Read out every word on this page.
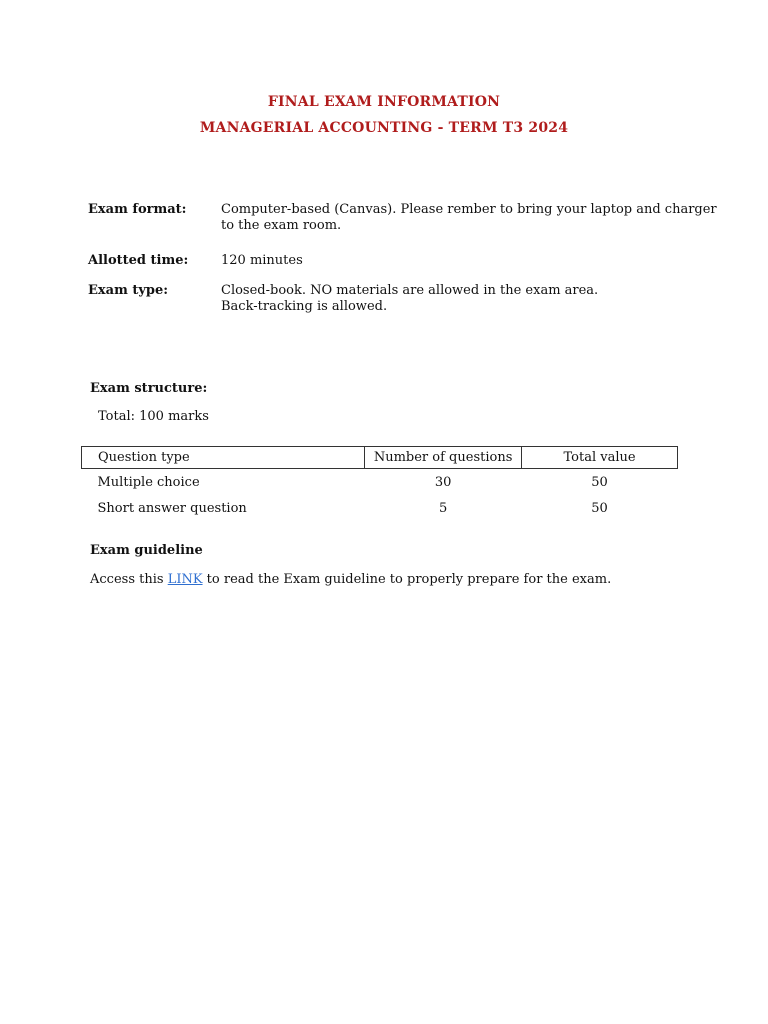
FINAL EXAM INFORMATION
MANAGERIAL ACCOUNTING - TERM T3 2024
Exam format:	Computer-based (Canvas). Please rember to bring your laptop and charger
to the exam room.
Allotted time:	120 minutes
Exam type:	Closed-book. NO materials are allowed in the exam area.
Back-tracking is allowed.
Exam structure:
Total: 100 marks
Question type	Number of questions	Total value
Multiple choice	30	50
Short answer question	5	50
Exam guideline
Access this LINK to read the Exam guideline to properly prepare for the exam.
